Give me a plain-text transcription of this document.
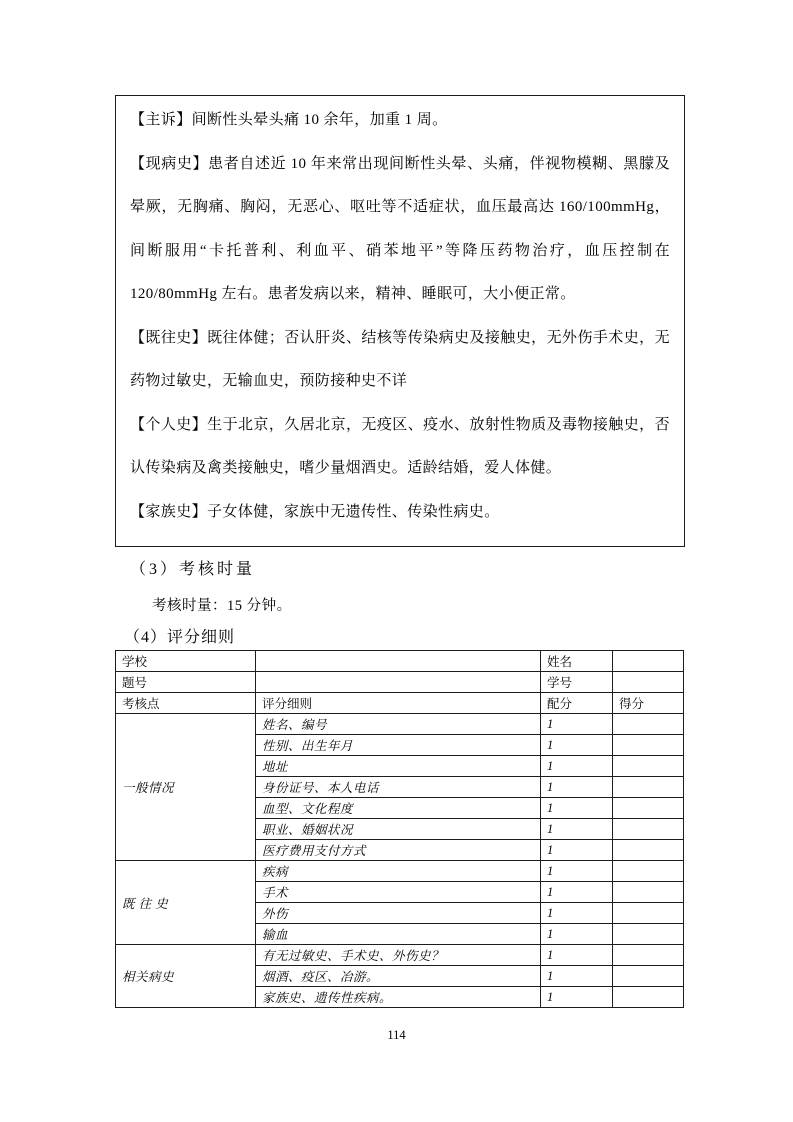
【主诉】间断性头晕头痛 10 余年，加重 1 周。

【现病史】患者自述近 10 年来常出现间断性头晕、头痛，伴视物模糊、黑朦及晕厥，无胸痛、胸闷，无恶心、呕吐等不适症状，血压最高达 160/100mmHg，间断服用“卡托普利、利血平、硝苯地平”等降压药物治疗，血压控制在 120/80mmHg 左右。患者发病以来，精神、睡眠可，大小便正常。

【既往史】既往体健；否认肝炎、结核等传染病史及接触史，无外伤手术史，无药物过敏史，无输血史，预防接种史不详

【个人史】生于北京，久居北京，无疫区、疫水、放射性物质及毒物接触史，否认传染病及禽类接触史，嗜少量烟酒史。适龄结婚，爱人体健。

【家族史】子女体健，家族中无遗传性、传染性病史。

（3）考核时量
考核时量：15 分钟。
（4）评分细则
学校		姓名	
题号		学号	
考核点	评分细则	配分	得分
一般情况	姓名、编号	1	
	性别、出生年月	1	
	地址	1	
	身份证号、本人电话	1	
	血型、文化程度	1	
	职业、婚姻状况	1	
	医疗费用支付方式	1	
既 往 史	疾病	1	
	手术	1	
	外伤	1	
	输血	1	
相关病史	有无过敏史、手术史、外伤史？	1	
	烟酒、疫区、冶游。	1	
	家族史、遗传性疾病。	1	
114
